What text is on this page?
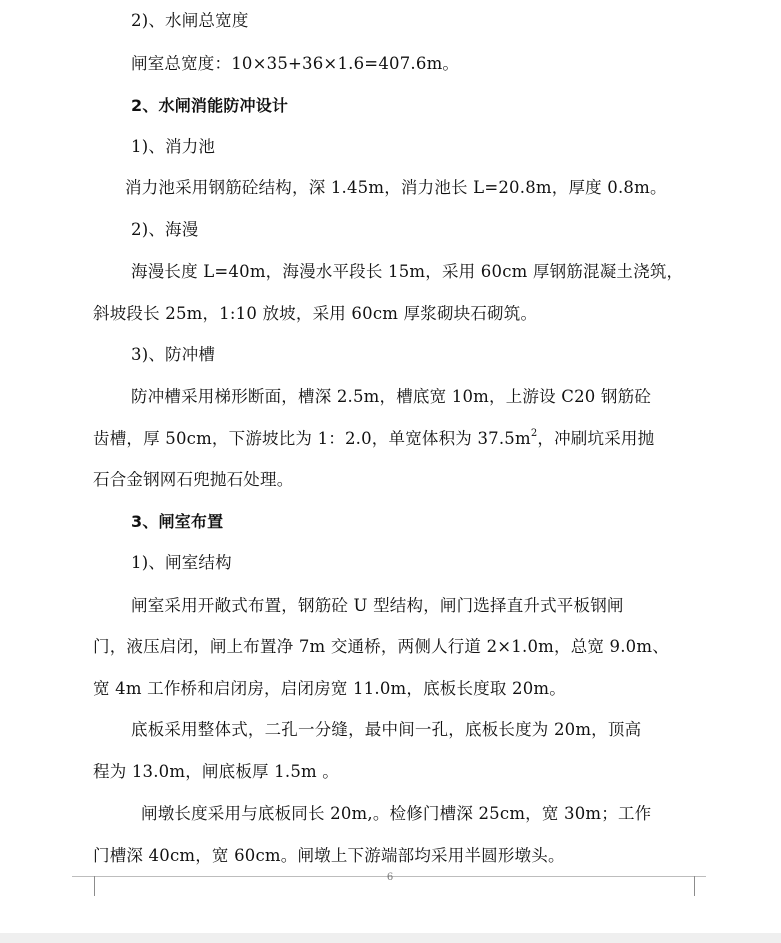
2)、水闸总宽度
闸室总宽度：10×35+36×1.6=407.6m。
2、水闸消能防冲设计
1)、消力池
消力池采用钢筋砼结构，深 1.45m，消力池长 L=20.8m，厚度 0.8m。
2)、海漫
海漫长度 L=40m，海漫水平段长 15m，采用 60cm 厚钢筋混凝土浇筑，
斜坡段长 25m，1:10 放坡，采用 60cm 厚浆砌块石砌筑。
3)、防冲槽
防冲槽采用梯形断面，槽深 2.5m，槽底宽 10m，上游设 C20 钢筋砼
齿槽，厚 50cm，下游坡比为 1：2.0，单宽体积为 $37.5m^2$，冲刷坑采用抛
石合金钢网石兜抛石处理。
3、闸室布置
1)、闸室结构
闸室采用开敞式布置，钢筋砼 U 型结构，闸门选择直升式平板钢闸
门，液压启闭，闸上布置净 7m 交通桥，两侧人行道 2×1.0m，总宽 9.0m、
宽 4m 工作桥和启闭房，启闭房宽 11.0m，底板长度取 20m。
底板采用整体式，二孔一分缝，最中间一孔，底板长度为 20m，顶高
程为 13.0m，闸底板厚 1.5m 。
闸墩长度采用与底板同长 20m,。检修门槽深 25cm，宽 30m；工作
门槽深 40cm，宽 60cm。闸墩上下游端部均采用半圆形墩头。
6
